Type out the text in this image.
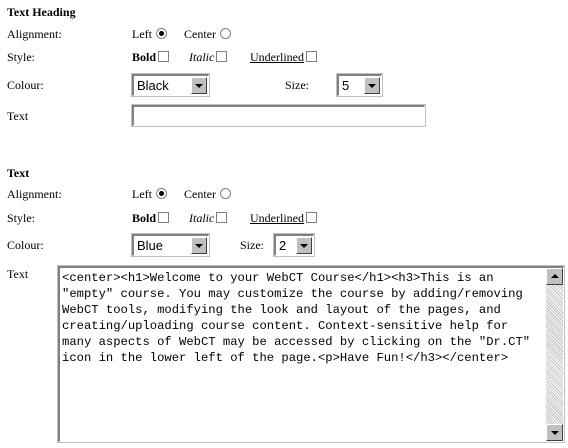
Text Heading
Alignment:	Left	Center
Style:	Bold	Italic	Underlined
Colour:	Black	Size:	5
Text
Text
Alignment:	Left	Center
Style:	Bold	Italic	Underlined
Colour:	Blue	Size: 2
Text	<center><h1>Welcome to your WebCT Course</h1><h3>This is an "empty" course. You may customize the course by adding/removing WebCT tools, modifying the look and layout of the pages, and creating/uploading course content. Context-sensitive help for many aspects of WebCT may be accessed by clicking on the "Dr.CT" icon in the lower left of the page.<p>Have Fun!</h3></center>
